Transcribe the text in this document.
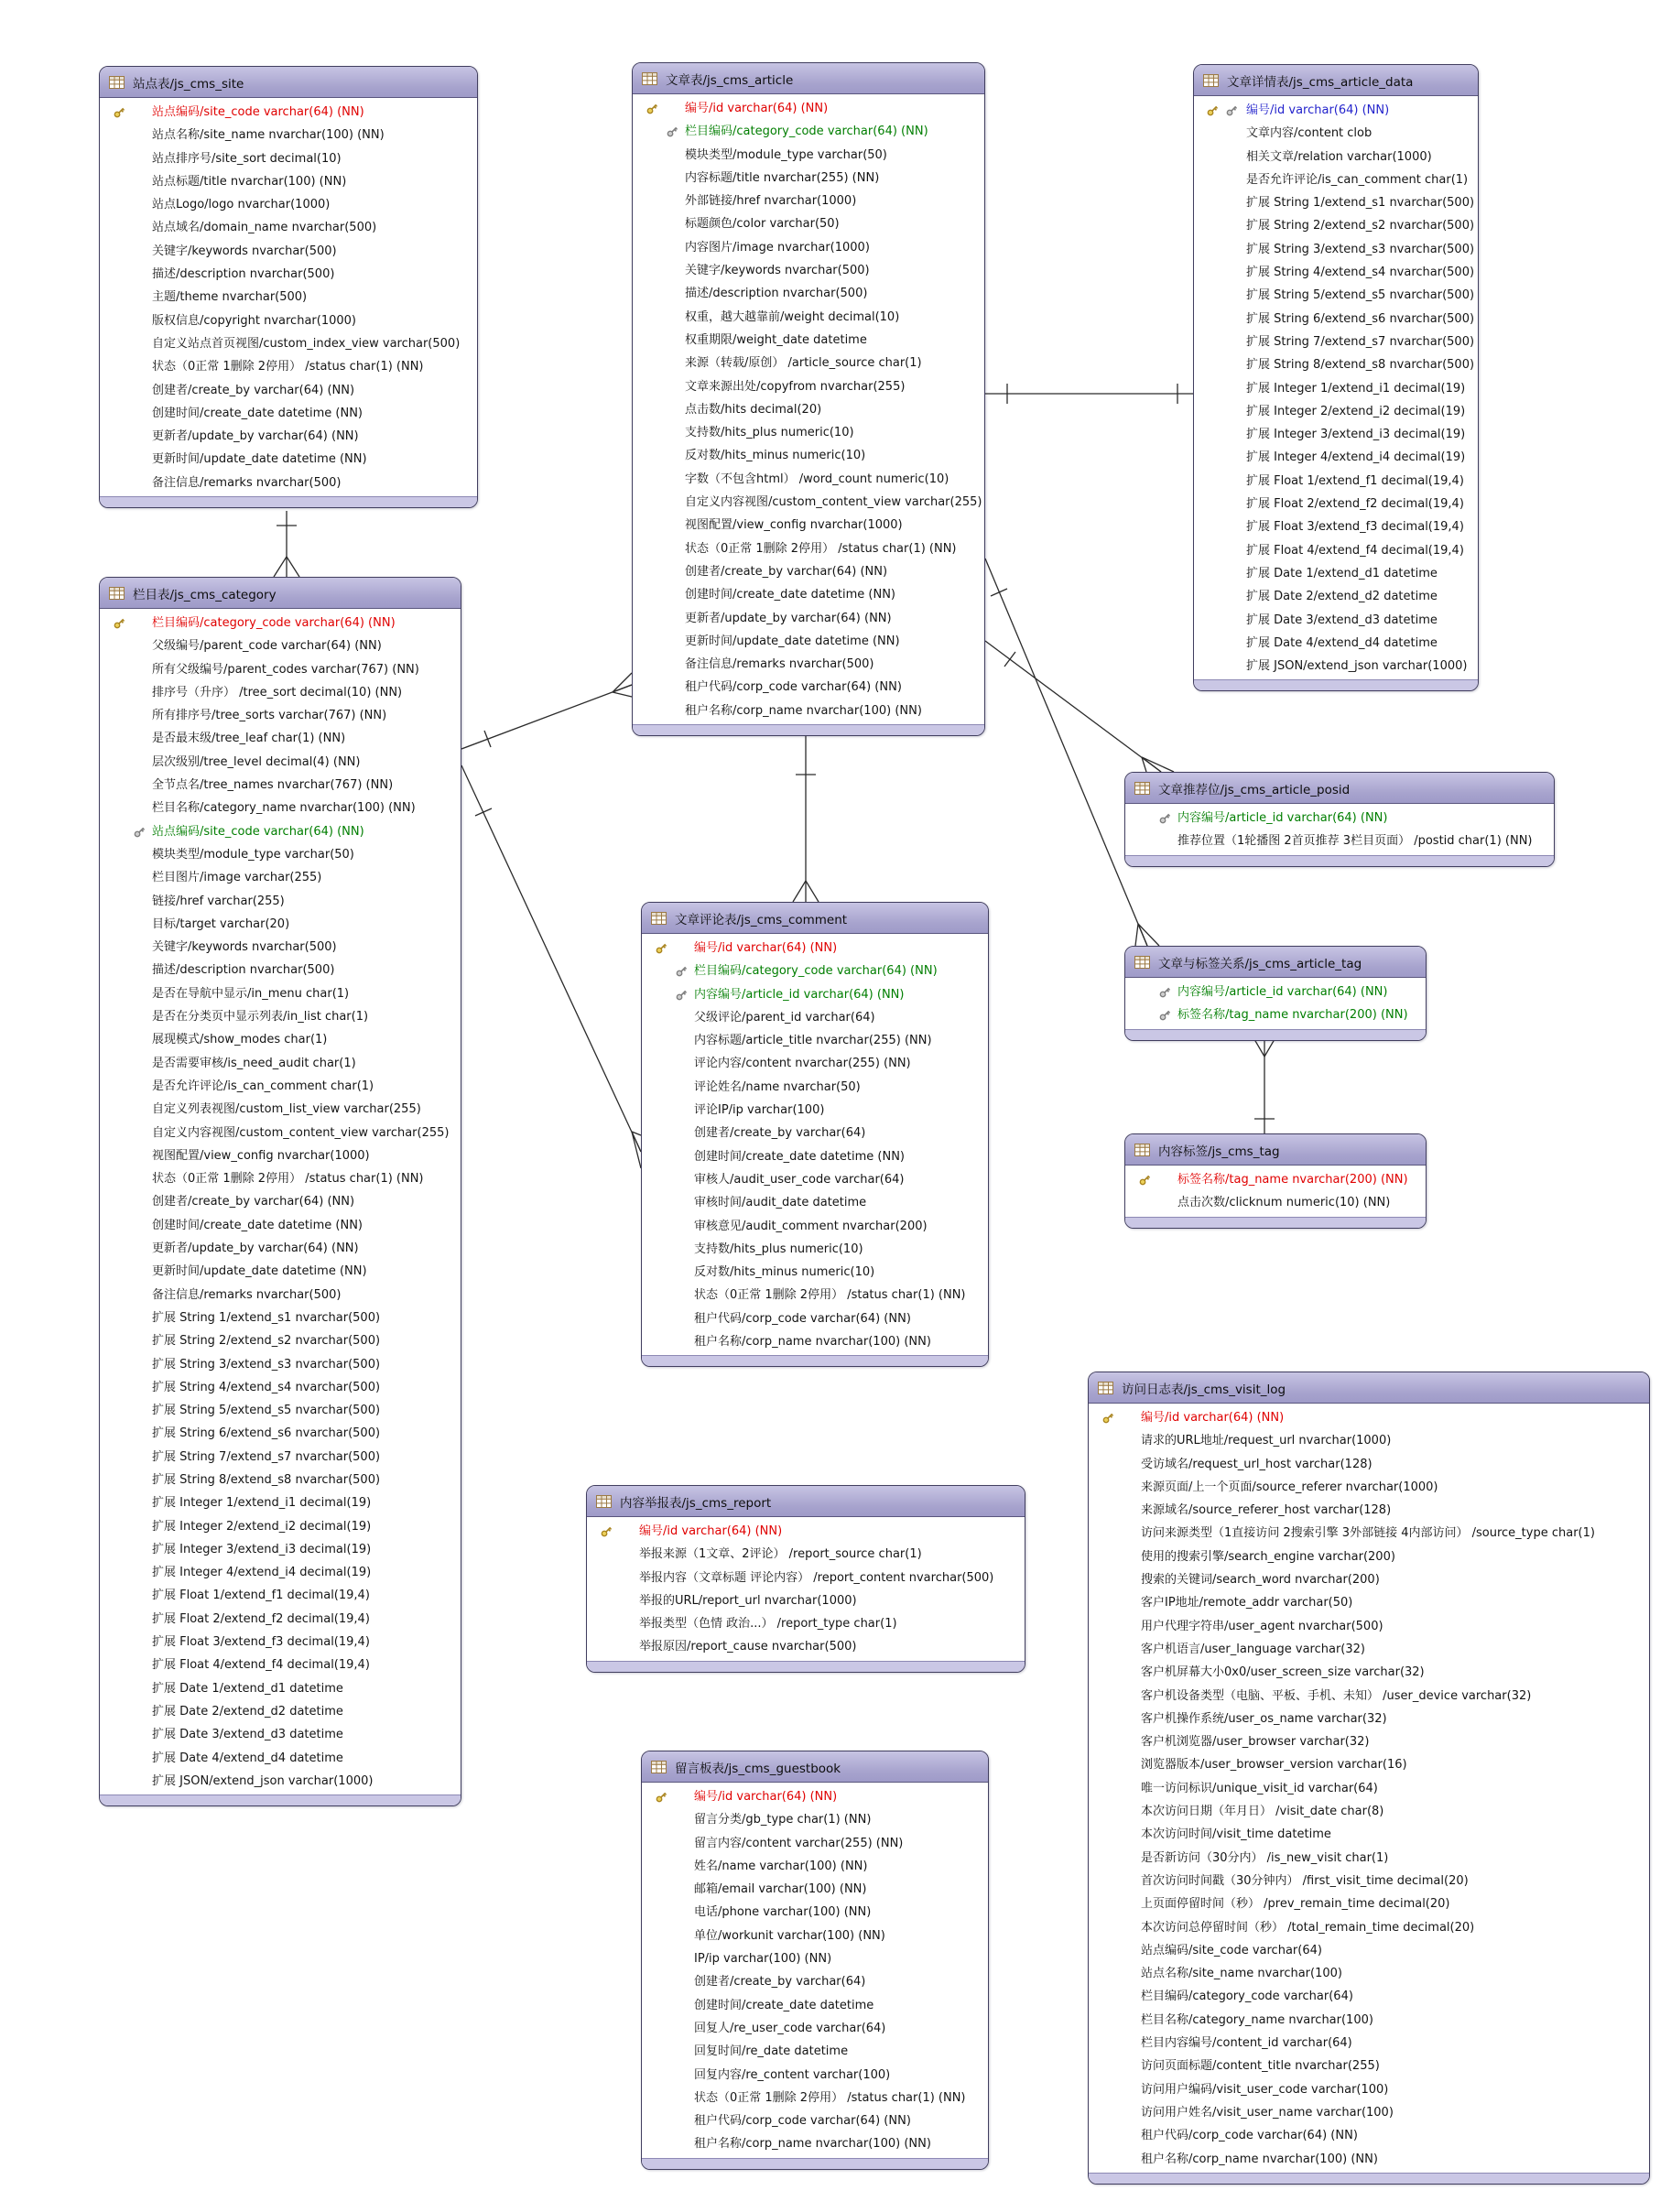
站点表/js_cms_site
站点编码/site_code varchar(64) (NN)
站点名称/site_name nvarchar(100) (NN)
站点排序号/site_sort decimal(10)
站点标题/title nvarchar(100) (NN)
站点Logo/logo nvarchar(1000)
站点域名/domain_name nvarchar(500)
关键字/keywords nvarchar(500)
描述/description nvarchar(500)
主题/theme nvarchar(500)
版权信息/copyright nvarchar(1000)
自定义站点首页视图/custom_index_view varchar(500)
状态（0正常 1删除 2停用） /status char(1) (NN)
创建者/create_by varchar(64) (NN)
创建时间/create_date datetime (NN)
更新者/update_by varchar(64) (NN)
更新时间/update_date datetime (NN)
备注信息/remarks nvarchar(500)
文章表/js_cms_article
编号/id varchar(64) (NN)
栏目编码/category_code varchar(64) (NN)
模块类型/module_type varchar(50)
内容标题/title nvarchar(255) (NN)
外部链接/href nvarchar(1000)
标题颜色/color varchar(50)
内容图片/image nvarchar(1000)
关键字/keywords nvarchar(500)
描述/description nvarchar(500)
权重，越大越靠前/weight decimal(10)
权重期限/weight_date datetime
来源（转载/原创） /article_source char(1)
文章来源出处/copyfrom nvarchar(255)
点击数/hits decimal(20)
支持数/hits_plus numeric(10)
反对数/hits_minus numeric(10)
字数（不包含html） /word_count numeric(10)
自定义内容视图/custom_content_view varchar(255)
视图配置/view_config nvarchar(1000)
状态（0正常 1删除 2停用） /status char(1) (NN)
创建者/create_by varchar(64) (NN)
创建时间/create_date datetime (NN)
更新者/update_by varchar(64) (NN)
更新时间/update_date datetime (NN)
备注信息/remarks nvarchar(500)
租户代码/corp_code varchar(64) (NN)
租户名称/corp_name nvarchar(100) (NN)
文章详情表/js_cms_article_data
编号/id varchar(64) (NN)
文章内容/content clob
相关文章/relation varchar(1000)
是否允许评论/is_can_comment char(1)
扩展 String 1/extend_s1 nvarchar(500)
扩展 String 2/extend_s2 nvarchar(500)
扩展 String 3/extend_s3 nvarchar(500)
扩展 String 4/extend_s4 nvarchar(500)
扩展 String 5/extend_s5 nvarchar(500)
扩展 String 6/extend_s6 nvarchar(500)
扩展 String 7/extend_s7 nvarchar(500)
扩展 String 8/extend_s8 nvarchar(500)
扩展 Integer 1/extend_i1 decimal(19)
扩展 Integer 2/extend_i2 decimal(19)
扩展 Integer 3/extend_i3 decimal(19)
扩展 Integer 4/extend_i4 decimal(19)
扩展 Float 1/extend_f1 decimal(19,4)
扩展 Float 2/extend_f2 decimal(19,4)
扩展 Float 3/extend_f3 decimal(19,4)
扩展 Float 4/extend_f4 decimal(19,4)
扩展 Date 1/extend_d1 datetime
扩展 Date 2/extend_d2 datetime
扩展 Date 3/extend_d3 datetime
扩展 Date 4/extend_d4 datetime
扩展 JSON/extend_json varchar(1000)
栏目表/js_cms_category
栏目编码/category_code varchar(64) (NN)
父级编号/parent_code varchar(64) (NN)
所有父级编号/parent_codes varchar(767) (NN)
排序号（升序） /tree_sort decimal(10) (NN)
所有排序号/tree_sorts varchar(767) (NN)
是否最末级/tree_leaf char(1) (NN)
层次级别/tree_level decimal(4) (NN)
全节点名/tree_names nvarchar(767) (NN)
栏目名称/category_name nvarchar(100) (NN)
站点编码/site_code varchar(64) (NN)
模块类型/module_type varchar(50)
栏目图片/image varchar(255)
链接/href varchar(255)
目标/target varchar(20)
关键字/keywords nvarchar(500)
描述/description nvarchar(500)
是否在导航中显示/in_menu char(1)
是否在分类页中显示列表/in_list char(1)
展现模式/show_modes char(1)
是否需要审核/is_need_audit char(1)
是否允许评论/is_can_comment char(1)
自定义列表视图/custom_list_view varchar(255)
自定义内容视图/custom_content_view varchar(255)
视图配置/view_config nvarchar(1000)
状态（0正常 1删除 2停用） /status char(1) (NN)
创建者/create_by varchar(64) (NN)
创建时间/create_date datetime (NN)
更新者/update_by varchar(64) (NN)
更新时间/update_date datetime (NN)
备注信息/remarks nvarchar(500)
扩展 String 1/extend_s1 nvarchar(500)
扩展 String 2/extend_s2 nvarchar(500)
扩展 String 3/extend_s3 nvarchar(500)
扩展 String 4/extend_s4 nvarchar(500)
扩展 String 5/extend_s5 nvarchar(500)
扩展 String 6/extend_s6 nvarchar(500)
扩展 String 7/extend_s7 nvarchar(500)
扩展 String 8/extend_s8 nvarchar(500)
扩展 Integer 1/extend_i1 decimal(19)
扩展 Integer 2/extend_i2 decimal(19)
扩展 Integer 3/extend_i3 decimal(19)
扩展 Integer 4/extend_i4 decimal(19)
扩展 Float 1/extend_f1 decimal(19,4)
扩展 Float 2/extend_f2 decimal(19,4)
扩展 Float 3/extend_f3 decimal(19,4)
扩展 Float 4/extend_f4 decimal(19,4)
扩展 Date 1/extend_d1 datetime
扩展 Date 2/extend_d2 datetime
扩展 Date 3/extend_d3 datetime
扩展 Date 4/extend_d4 datetime
扩展 JSON/extend_json varchar(1000)
文章评论表/js_cms_comment
编号/id varchar(64) (NN)
栏目编码/category_code varchar(64) (NN)
内容编号/article_id varchar(64) (NN)
父级评论/parent_id varchar(64)
内容标题/article_title nvarchar(255) (NN)
评论内容/content nvarchar(255) (NN)
评论姓名/name nvarchar(50)
评论IP/ip varchar(100)
创建者/create_by varchar(64)
创建时间/create_date datetime (NN)
审核人/audit_user_code varchar(64)
审核时间/audit_date datetime
审核意见/audit_comment nvarchar(200)
支持数/hits_plus numeric(10)
反对数/hits_minus numeric(10)
状态（0正常 1删除 2停用） /status char(1) (NN)
租户代码/corp_code varchar(64) (NN)
租户名称/corp_name nvarchar(100) (NN)
文章推荐位/js_cms_article_posid
内容编号/article_id varchar(64) (NN)
推荐位置（1轮播图 2首页推荐 3栏目页面） /postid char(1) (NN)
文章与标签关系/js_cms_article_tag
内容编号/article_id varchar(64) (NN)
标签名称/tag_name nvarchar(200) (NN)
内容标签/js_cms_tag
标签名称/tag_name nvarchar(200) (NN)
点击次数/clicknum numeric(10) (NN)
内容举报表/js_cms_report
编号/id varchar(64) (NN)
举报来源（1文章、2评论） /report_source char(1)
举报内容（文章标题 评论内容） /report_content nvarchar(500)
举报的URL/report_url nvarchar(1000)
举报类型（色情 政治...） /report_type char(1)
举报原因/report_cause nvarchar(500)
留言板表/js_cms_guestbook
编号/id varchar(64) (NN)
留言分类/gb_type char(1) (NN)
留言内容/content varchar(255) (NN)
姓名/name varchar(100) (NN)
邮箱/email varchar(100) (NN)
电话/phone varchar(100) (NN)
单位/workunit varchar(100) (NN)
IP/ip varchar(100) (NN)
创建者/create_by varchar(64)
创建时间/create_date datetime
回复人/re_user_code varchar(64)
回复时间/re_date datetime
回复内容/re_content varchar(100)
状态（0正常 1删除 2停用） /status char(1) (NN)
租户代码/corp_code varchar(64) (NN)
租户名称/corp_name nvarchar(100) (NN)
访问日志表/js_cms_visit_log
编号/id varchar(64) (NN)
请求的URL地址/request_url nvarchar(1000)
受访域名/request_url_host varchar(128)
来源页面/上一个页面/source_referer nvarchar(1000)
来源域名/source_referer_host varchar(128)
访问来源类型（1直接访问 2搜索引擎 3外部链接 4内部访问） /source_type char(1)
使用的搜索引擎/search_engine varchar(200)
搜索的关键词/search_word nvarchar(200)
客户IP地址/remote_addr varchar(50)
用户代理字符串/user_agent nvarchar(500)
客户机语言/user_language varchar(32)
客户机屏幕大小0x0/user_screen_size varchar(32)
客户机设备类型（电脑、平板、手机、未知） /user_device varchar(32)
客户机操作系统/user_os_name varchar(32)
客户机浏览器/user_browser varchar(32)
浏览器版本/user_browser_version varchar(16)
唯一访问标识/unique_visit_id varchar(64)
本次访问日期（年月日） /visit_date char(8)
本次访问时间/visit_time datetime
是否新访问（30分内） /is_new_visit char(1)
首次访问时间戳（30分钟内） /first_visit_time decimal(20)
上页面停留时间（秒） /prev_remain_time decimal(20)
本次访问总停留时间（秒） /total_remain_time decimal(20)
站点编码/site_code varchar(64)
站点名称/site_name nvarchar(100)
栏目编码/category_code varchar(64)
栏目名称/category_name nvarchar(100)
栏目内容编号/content_id varchar(64)
访问页面标题/content_title nvarchar(255)
访问用户编码/visit_user_code varchar(100)
访问用户姓名/visit_user_name varchar(100)
租户代码/corp_code varchar(64) (NN)
租户名称/corp_name nvarchar(100) (NN)
